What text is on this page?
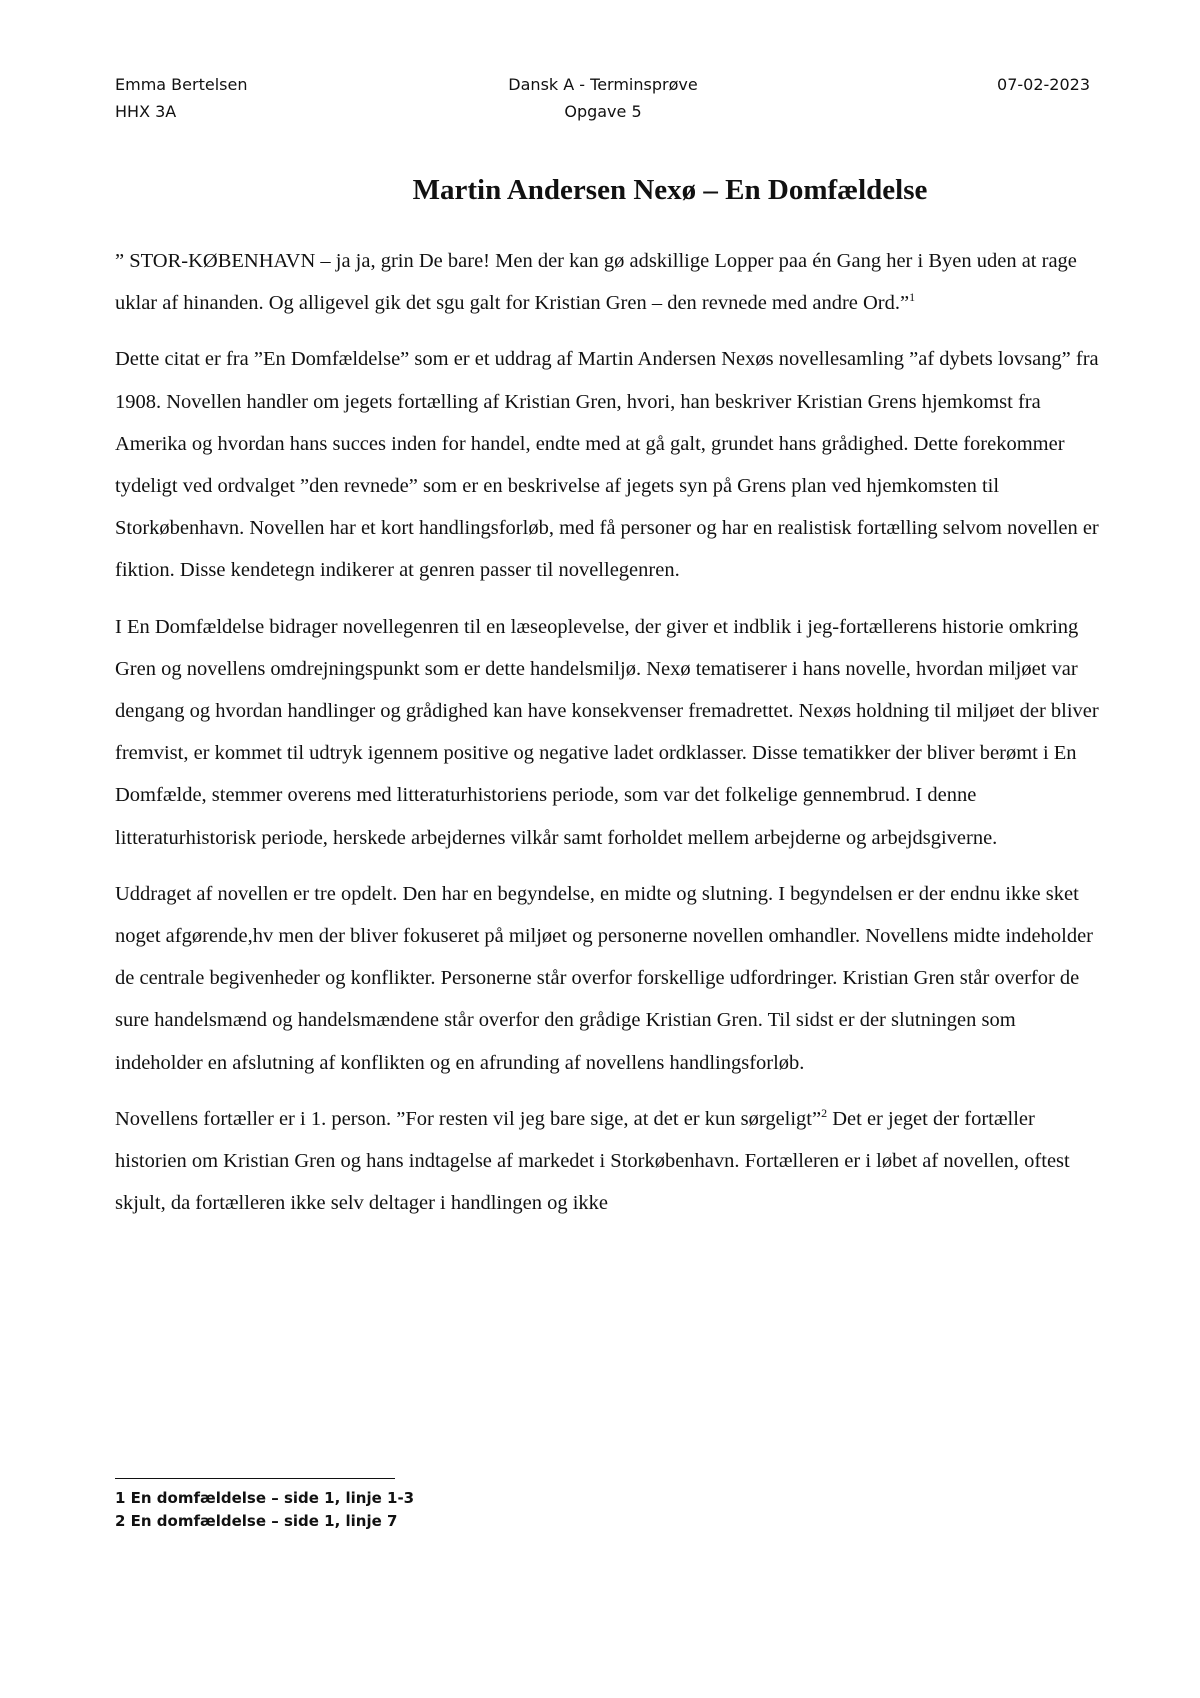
Emma Bertelsen
HHX 3A
Dansk A - Terminsprøve
Opgave 5
07-02-2023
Martin Andersen Nexø – En Domfældelse

” STOR-KØBENHAVN – ja ja, grin De bare! Men der kan gø adskillige Lopper paa én Gang her i Byen uden at rage uklar af hinanden. Og alligevel gik det sgu galt for Kristian Gren – den revnede med andre Ord.”$^1$

Dette citat er fra ”En Domfældelse” som er et uddrag af Martin Andersen Nexøs novellesamling ”af dybets lovsang” fra 1908. Novellen handler om jegets fortælling af Kristian Gren, hvori, han beskriver Kristian Grens hjemkomst fra Amerika og hvordan hans succes inden for handel, endte med at gå galt, grundet hans grådighed. Dette forekommer tydeligt ved ordvalget ”den revnede” som er en beskrivelse af jegets syn på Grens plan ved hjemkomsten til Storkøbenhavn. Novellen har et kort handlingsforløb, med få personer og har en realistisk fortælling selvom novellen er fiktion. Disse kendetegn indikerer at genren passer til novellegenren.

I En Domfældelse bidrager novellegenren til en læseoplevelse, der giver et indblik i jeg-fortællerens historie omkring Gren og novellens omdrejningspunkt som er dette handelsmiljø. Nexø tematiserer i hans novelle, hvordan miljøet var dengang og hvordan handlinger og grådighed kan have konsekvenser fremadrettet. Nexøs holdning til miljøet der bliver fremvist, er kommet til udtryk igennem positive og negative ladet ordklasser. Disse tematikker der bliver berømt i En Domfælde, stemmer overens med litteraturhistoriens periode, som var det folkelige gennembrud. I denne litteraturhistorisk periode, herskede arbejdernes vilkår samt forholdet mellem arbejderne og arbejdsgiverne.

Uddraget af novellen er tre opdelt. Den har en begyndelse, en midte og slutning. I begyndelsen er der endnu ikke sket noget afgørende,hv men der bliver fokuseret på miljøet og personerne novellen omhandler. Novellens midte indeholder de centrale begivenheder og konflikter. Personerne står overfor forskellige udfordringer. Kristian Gren står overfor de sure handelsmænd og handelsmændene står overfor den grådige Kristian Gren. Til sidst er der slutningen som indeholder en afslutning af konflikten og en afrunding af novellens handlingsforløb.

Novellens fortæller er i 1. person. ”For resten vil jeg bare sige, at det er kun sørgeligt”$^2$ Det er jeget der fortæller historien om Kristian Gren og hans indtagelse af markedet i Storkøbenhavn. Fortælleren er i løbet af novellen, oftest skjult, da fortælleren ikke selv deltager i handlingen og ikke

1 En domfældelse – side 1, linje 1-3
2 En domfældelse – side 1, linje 7
